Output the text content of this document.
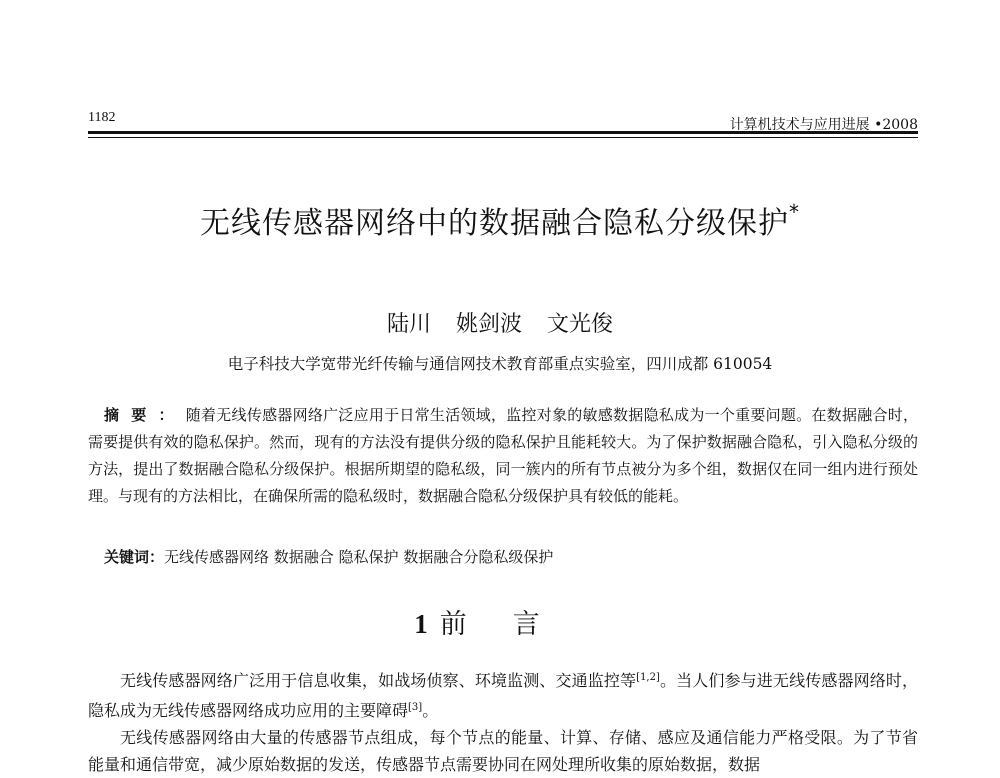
1182	计算机技术与应用进展 •2008
无线传感器网络中的数据融合隐私分级保护*
陆川 姚剑波 文光俊
电子科技大学宽带光纤传输与通信网技术教育部重点实验室，四川成都 610054
摘要：随着无线传感器网络广泛应用于日常生活领域，监控对象的敏感数据隐私成为一个重要问题。在数据融合时，需要提供有效的隐私保护。然而，现有的方法没有提供分级的隐私保护且能耗较大。为了保护数据融合隐私，引入隐私分级的方法，提出了数据融合隐私分级保护。根据所期望的隐私级，同一簇内的所有节点被分为多个组，数据仅在同一组内进行预处理。与现有的方法相比，在确保所需的隐私级时，数据融合隐私分级保护具有较低的能耗。
关键词：无线传感器网络 数据融合 隐私保护 数据融合分隐私级保护
1 前言

无线传感器网络广泛用于信息收集，如战场侦察、环境监测、交通监控等[1,2]。当人们参与进无线传感器网络时，隐私成为无线传感器网络成功应用的主要障碍[3]。

无线传感器网络由大量的传感器节点组成，每个节点的能量、计算、存储、感应及通信能力严格受限。为了节省能量和通信带宽，减少原始数据的发送，传感器节点需要协同在网处理所收集的原始数据，数据
